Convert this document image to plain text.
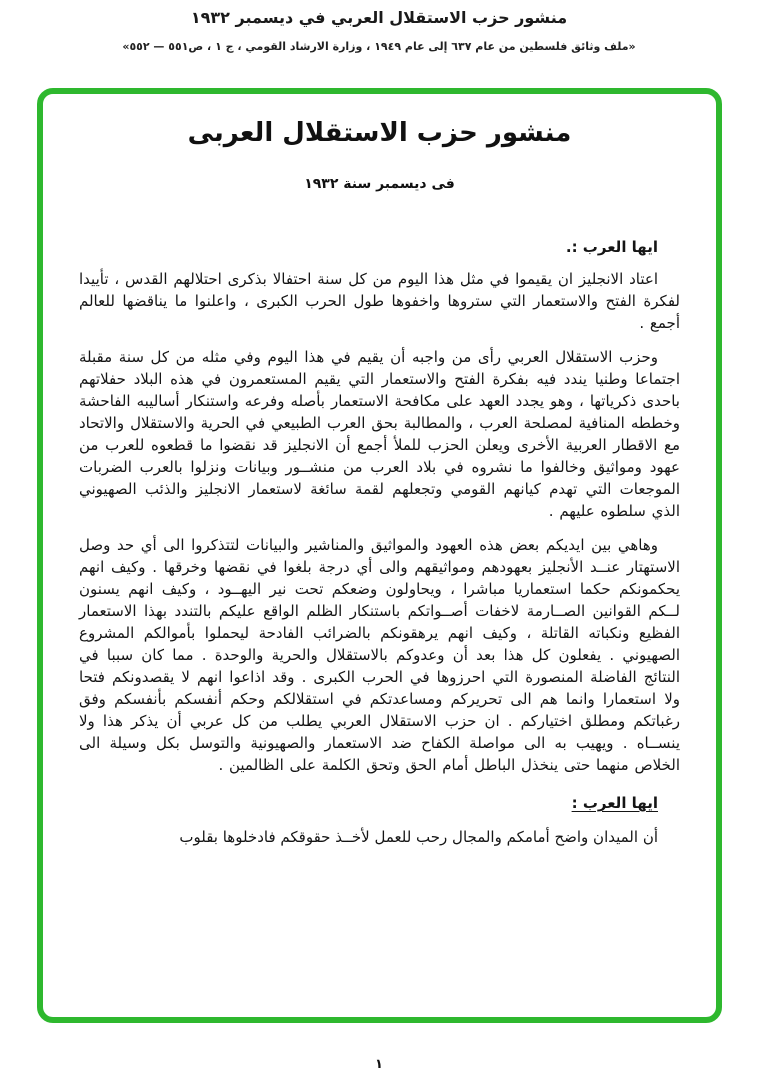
منشور حزب الاستقلال العربي في ديسمبر ١٩٣٢
«ملف وثائق فلسطين من عام ٦٣٧ إلى عام ١٩٤٩ ، وزارة الارشاد القومي ، ج ١ ، ص٥٥١ — ٥٥٢»
منشور حزب الاستقلال العربى
فى ديسمبر سنة ١٩٣٢
ايها العرب :.

اعتاد الانجليز ان يقيموا في مثل هذا اليوم من كل سنة احتفالا بذكرى احتلالهم القدس ، تأييدا لفكرة الفتح والاستعمار التي ستروها واخفوها طول الحرب الكبرى ، واعلنوا ما يناقضها للعالم أجمع .

وحزب الاستقلال العربي رأى من واجبه أن يقيم في هذا اليوم وفي مثله من كل سنة مقبلة اجتماعا وطنيا يندد فيه بفكرة الفتح والاستعمار التي يقيم المستعمرون في هذه البلاد حفلاتهم باحدى ذكرياتها ، وهو يجدد العهد على مكافحة الاستعمار بأصله وفرعه واستنكار أساليبه الفاحشة وخططه المنافية لمصلحة العرب ، والمطالبة بحق العرب الطبيعي في الحرية والاستقلال والاتحاد مع الاقطار العربية الأخرى ويعلن الحزب للملأ أجمع أن الانجليز قد نقضوا ما قطعوه للعرب من عهود ومواثيق وخالفوا ما نشروه في بلاد العرب من منشــور وبيانات ونزلوا بالعرب الضربات الموجعات التي تهدم كيانهم القومي وتجعلهم لقمة سائغة لاستعمار الانجليز والذئب الصهيوني الذي سلطوه عليهم .

وهاهي بين ايديكم بعض هذه العهود والمواثيق والمناشير والبيانات لتتذكروا الى أي حد وصل الاستهتار عنــد الأنجليز بعهودهم ومواثيقهم والى أي درجة بلغوا في نقضها وخرقها . وكيف انهم يحكمونكم حكما استعماريا مباشرا ، ويحاولون وضعكم تحت نير اليهــود ، وكيف انهم يسنون لــكم القوانين الصــارمة لاخفات أصــواتكم باستنكار الظلم الواقع عليكم بالتندد بهذا الاستعمار الفظيع ونكباته القاتلة ، وكيف انهم يرهقونكم بالضرائب الفادحة ليحملوا بأموالكم المشروع الصهيوني . يفعلون كل هذا بعد أن وعدوكم بالاستقلال والحرية والوحدة . مما كان سببا في النتائج الفاضلة المنصورة التي احرزوها في الحرب الكبرى . وقد اذاعوا انهم لا يقصدونكم فتحا ولا استعمارا وانما هم الى تحريركم ومساعدتكم في استقلالكم وحكم أنفسكم بأنفسكم وفق رغباتكم ومطلق اختياركم . ان حزب الاستقلال العربي يطلب من كل عربي أن يذكر هذا ولا ينســاه . ويهيب به الى مواصلة الكفاح ضد الاستعمار والصهيونية والتوسل بكل وسيلة الى الخلاص منهما حتى ينخذل الباطل أمام الحق وتحق الكلمة على الظالمين .

ايها العرب :

أن الميدان واضح أمامكم والمجال رحب للعمل لأخــذ حقوقكم فادخلوها بقلوب

١
